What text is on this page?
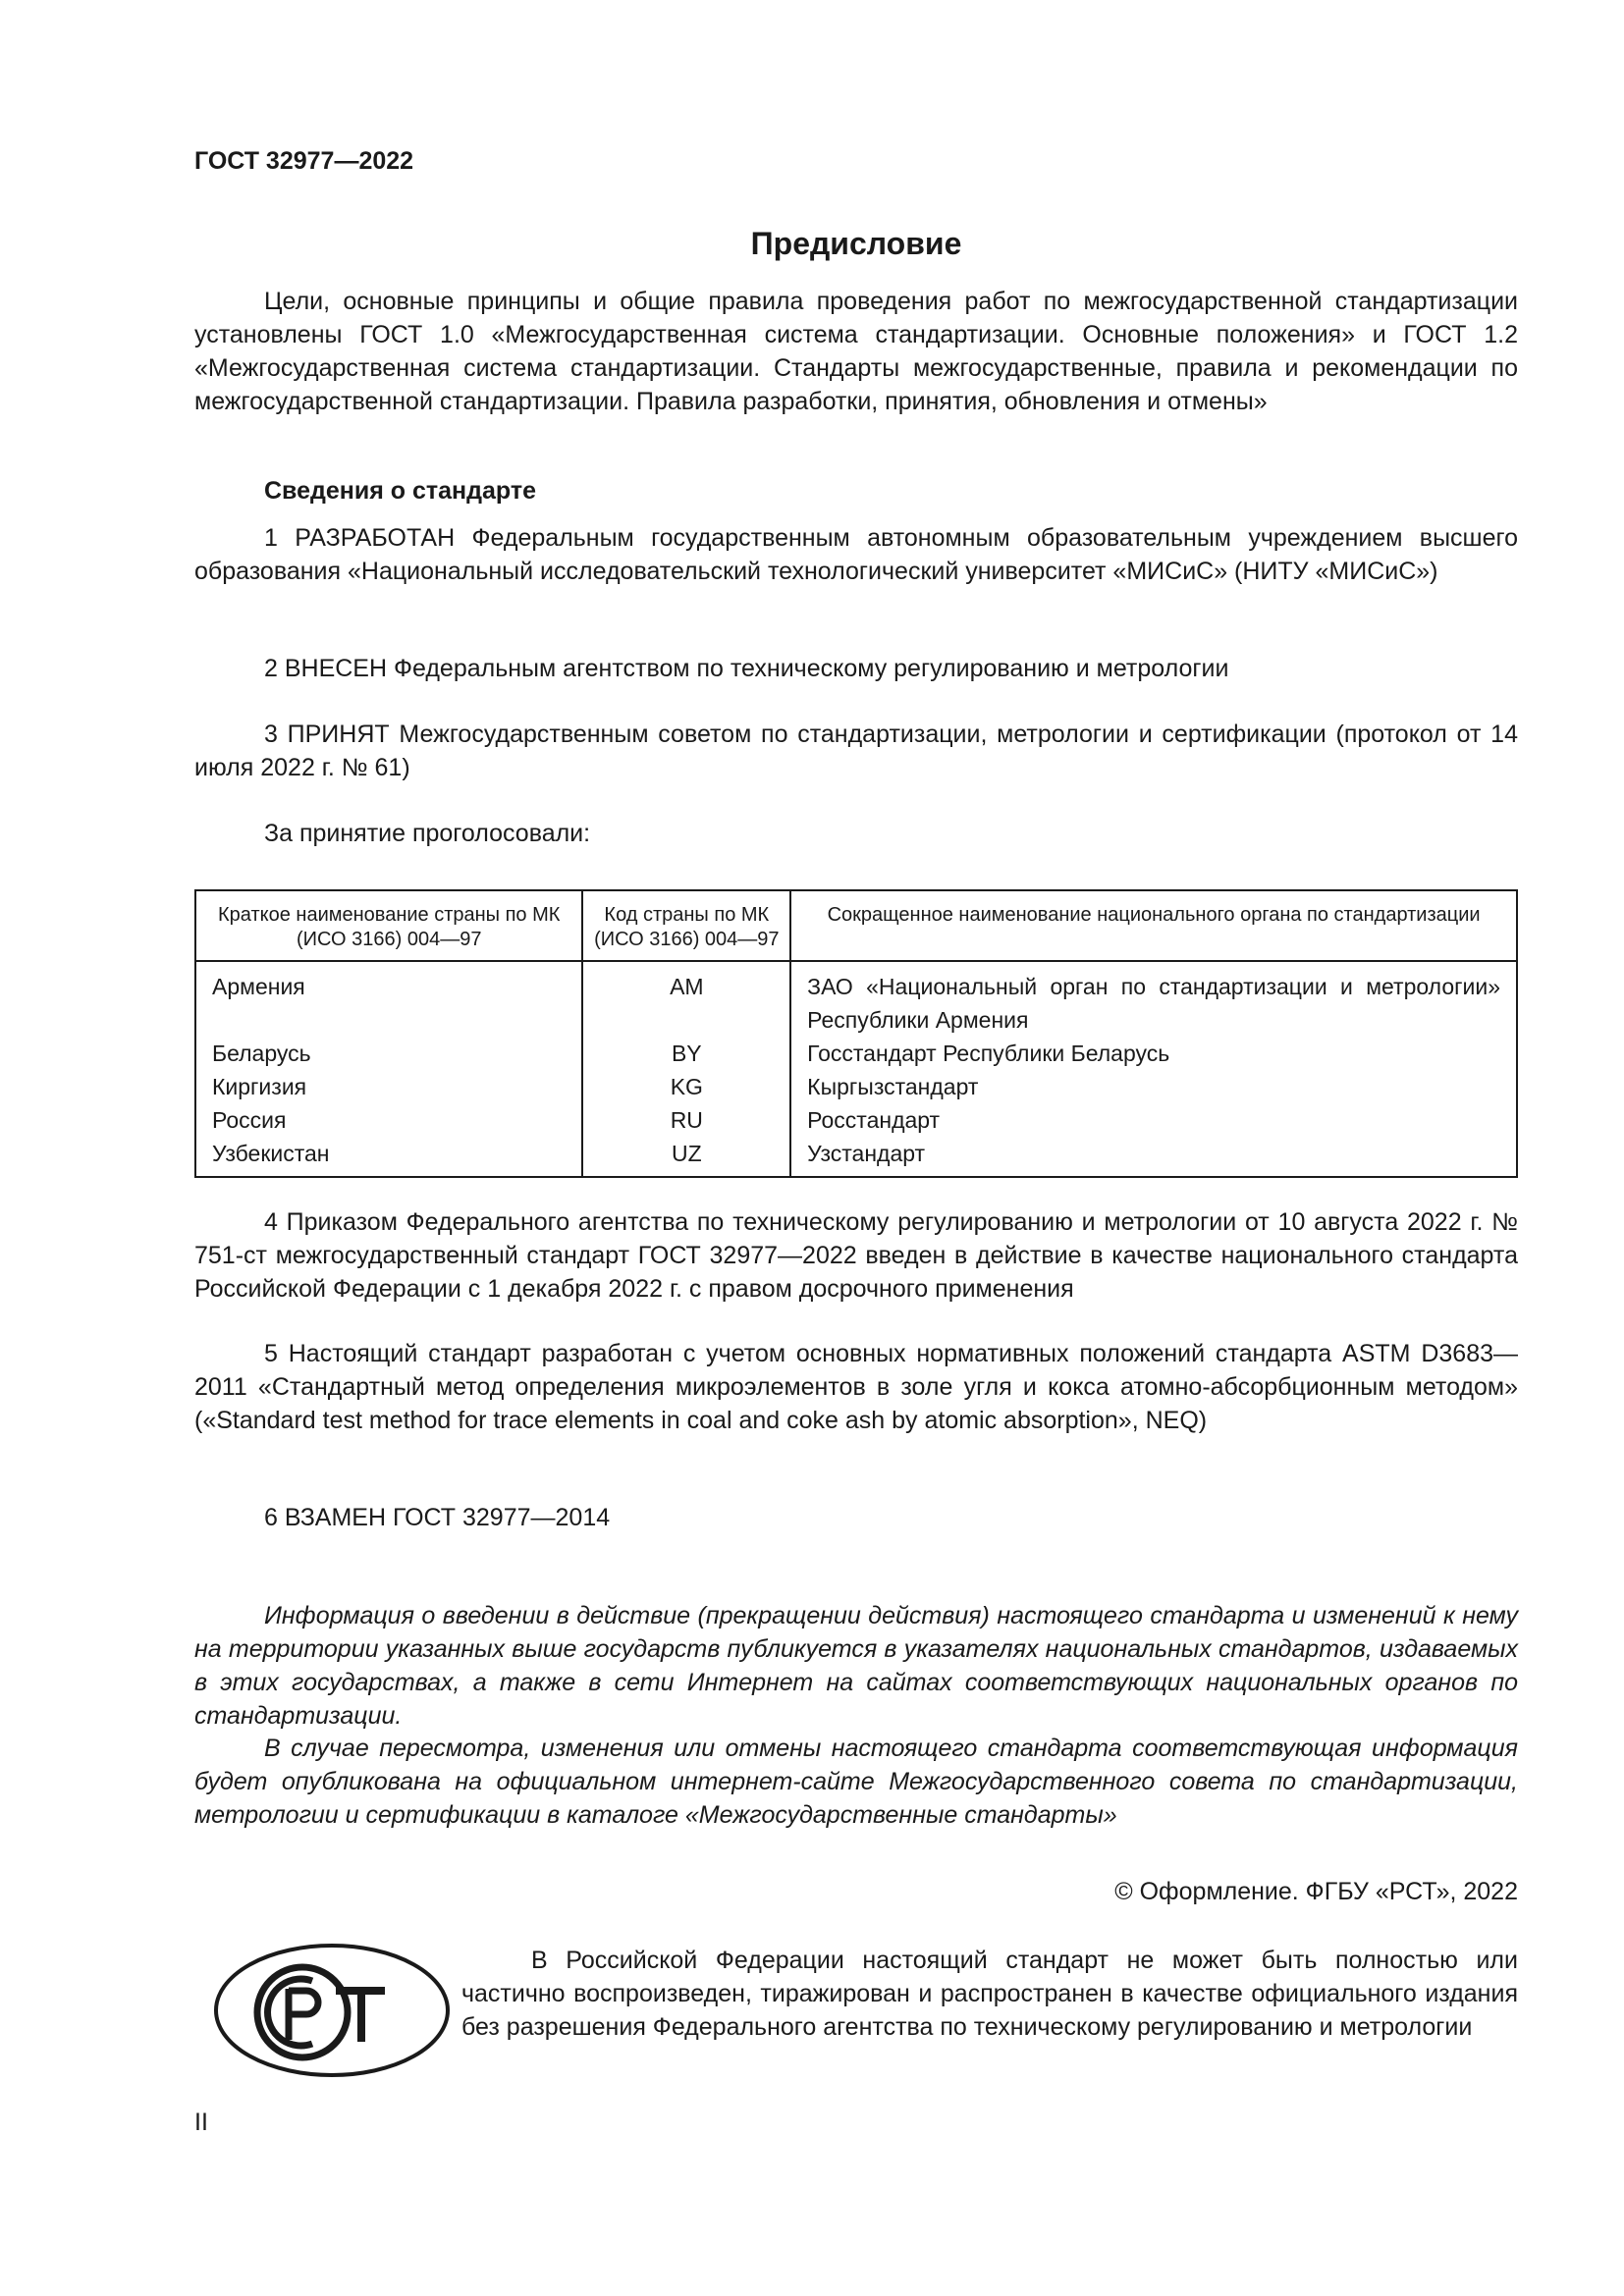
ГОСТ 32977—2022
Предисловие

Цели, основные принципы и общие правила проведения работ по межгосударственной стандартизации установлены ГОСТ 1.0 «Межгосударственная система стандартизации. Основные положения» и ГОСТ 1.2 «Межгосударственная система стандартизации. Стандарты межгосударственные, правила и рекомендации по межгосударственной стандартизации. Правила разработки, принятия, обновления и отмены»

Сведения о стандарте

1 РАЗРАБОТАН Федеральным государственным автономным образовательным учреждением высшего образования «Национальный исследовательский технологический университет «МИСиС» (НИТУ «МИСиС»)

2 ВНЕСЕН Федеральным агентством по техническому регулированию и метрологии

3 ПРИНЯТ Межгосударственным советом по стандартизации, метрологии и сертификации (протокол от 14 июля 2022 г. № 61)

За принятие проголосовали:

Краткое наименование страны по МК (ИСО 3166) 004—97	Код страны по МК (ИСО 3166) 004—97	Сокращенное наименование национального органа по стандартизации
Армения	AM	ЗАО «Национальный орган по стандартизации и метрологии» Республики Армения
Беларусь	BY	Госстандарт Республики Беларусь
Киргизия	KG	Кыргызстандарт
Россия	RU	Росстандарт
Узбекистан	UZ	Узстандарт

4 Приказом Федерального агентства по техническому регулированию и метрологии от 10 августа 2022 г. № 751-ст межгосударственный стандарт ГОСТ 32977—2022 введен в действие в качестве национального стандарта Российской Федерации с 1 декабря 2022 г. с правом досрочного применения

5 Настоящий стандарт разработан с учетом основных нормативных положений стандарта ASTM D3683—2011 «Стандартный метод определения микроэлементов в золе угля и кокса атомно-абсорбционным методом» («Standard test method for trace elements in coal and coke ash by atomic absorption», NEQ)

6 ВЗАМЕН ГОСТ 32977—2014

Информация о введении в действие (прекращении действия) настоящего стандарта и изменений к нему на территории указанных выше государств публикуется в указателях национальных стандартов, издаваемых в этих государствах, а также в сети Интернет на сайтах соответствующих национальных органов по стандартизации.

В случае пересмотра, изменения или отмены настоящего стандарта соответствующая информация будет опубликована на официальном интернет-сайте Межгосударственного совета по стандартизации, метрологии и сертификации в каталоге «Межгосударственные стандарты»

© Оформление. ФГБУ «РСТ», 2022

В Российской Федерации настоящий стандарт не может быть полностью или частично воспроизведен, тиражирован и распространен в качестве официального издания без разрешения Федерального агентства по техническому регулированию и метрологии

II
